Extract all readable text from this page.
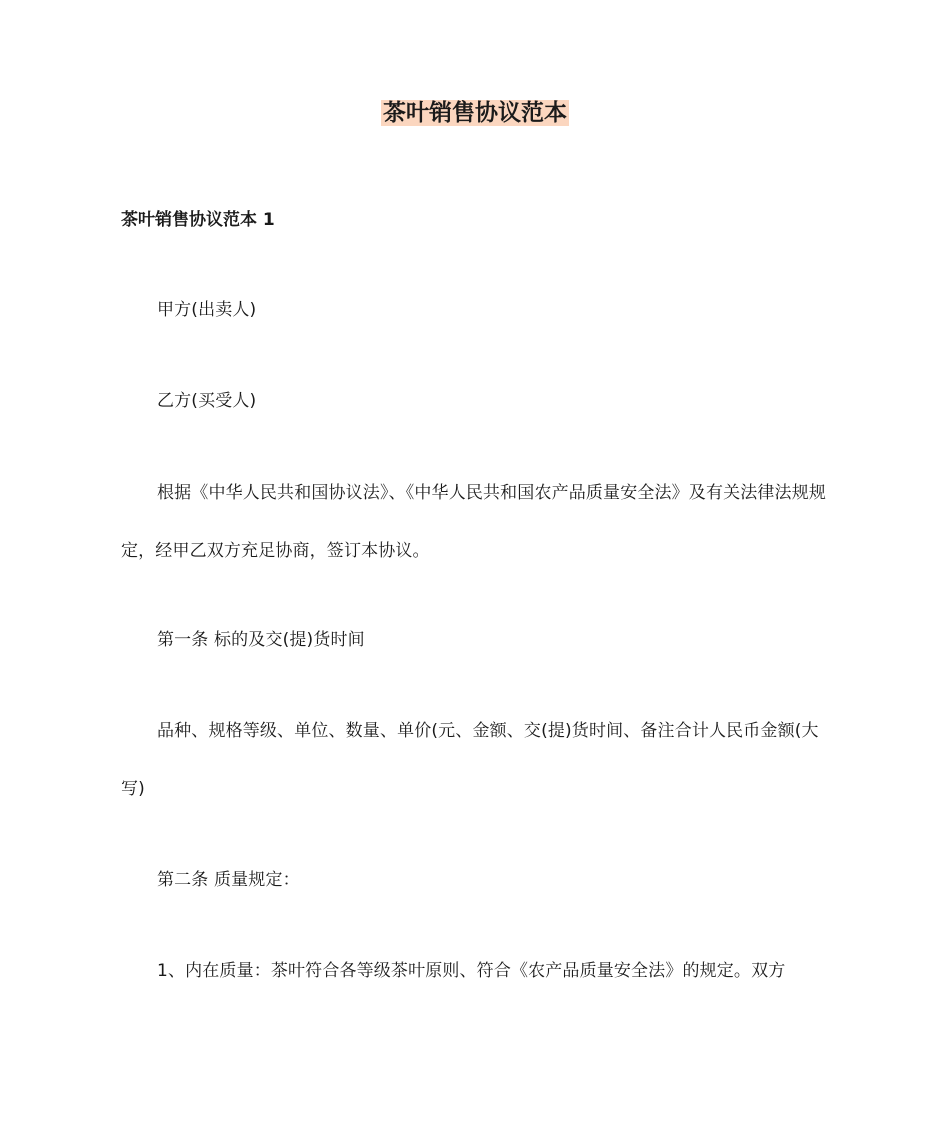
茶叶销售协议范本
茶叶销售协议范本 1

甲方(出卖人)

乙方(买受人)

根据《中华人民共和国协议法》、《中华人民共和国农产品质量安全法》及有关法律法规规定，经甲乙双方充足协商，签订本协议。

第一条 标的及交(提)货时间

品种、规格等级、单位、数量、单价(元、金额、交(提)货时间、备注合计人民币金额(大写)

第二条 质量规定：

1、内在质量：茶叶符合各等级茶叶原则、符合《农产品质量安全法》的规定。双方
